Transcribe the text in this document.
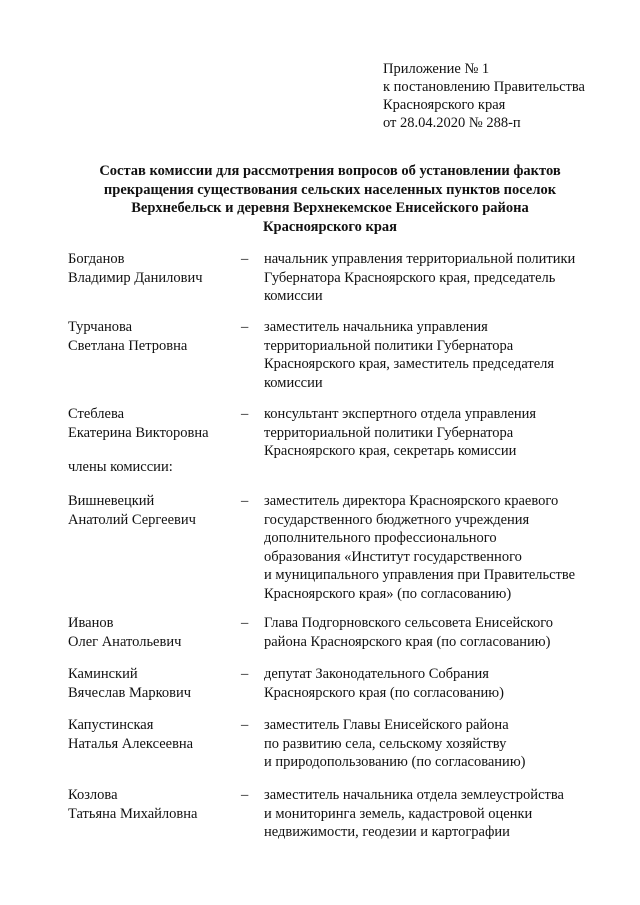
Приложение № 1
к постановлению Правительства
Красноярского края
от 28.04.2020 № 288-п
Состав комиссии для рассмотрения вопросов об установлении фактов
прекращения существования сельских населенных пунктов поселок
Верхнебельск и деревня Верхнекемское Енисейского района
Красноярского края
Богданов
Владимир Данилович
– начальник управления территориальной политики
Губернатора Красноярского края, председатель
комиссии
Турчанова
Светлана Петровна
– заместитель начальника управления
территориальной политики Губернатора
Красноярского края, заместитель председателя
комиссии
Стеблева
Екатерина Викторовна
– консультант экспертного отдела управления
территориальной политики Губернатора
Красноярского края, секретарь комиссии
члены комиссии:
Вишневецкий
Анатолий Сергеевич
– заместитель директора Красноярского краевого
государственного бюджетного учреждения
дополнительного профессионального
образования «Институт государственного
и муниципального управления при Правительстве
Красноярского края» (по согласованию)
Иванов
Олег Анатольевич
– Глава Подгорновского сельсовета Енисейского
района Красноярского края (по согласованию)
Каминский
Вячеслав Маркович
– депутат Законодательного Собрания
Красноярского края (по согласованию)
Капустинская
Наталья Алексеевна
– заместитель Главы Енисейского района
по развитию села, сельскому хозяйству
и природопользованию (по согласованию)
Козлова
Татьяна Михайловна
– заместитель начальника отдела землеустройства
и мониторинга земель, кадастровой оценки
недвижимости, геодезии и картографии
